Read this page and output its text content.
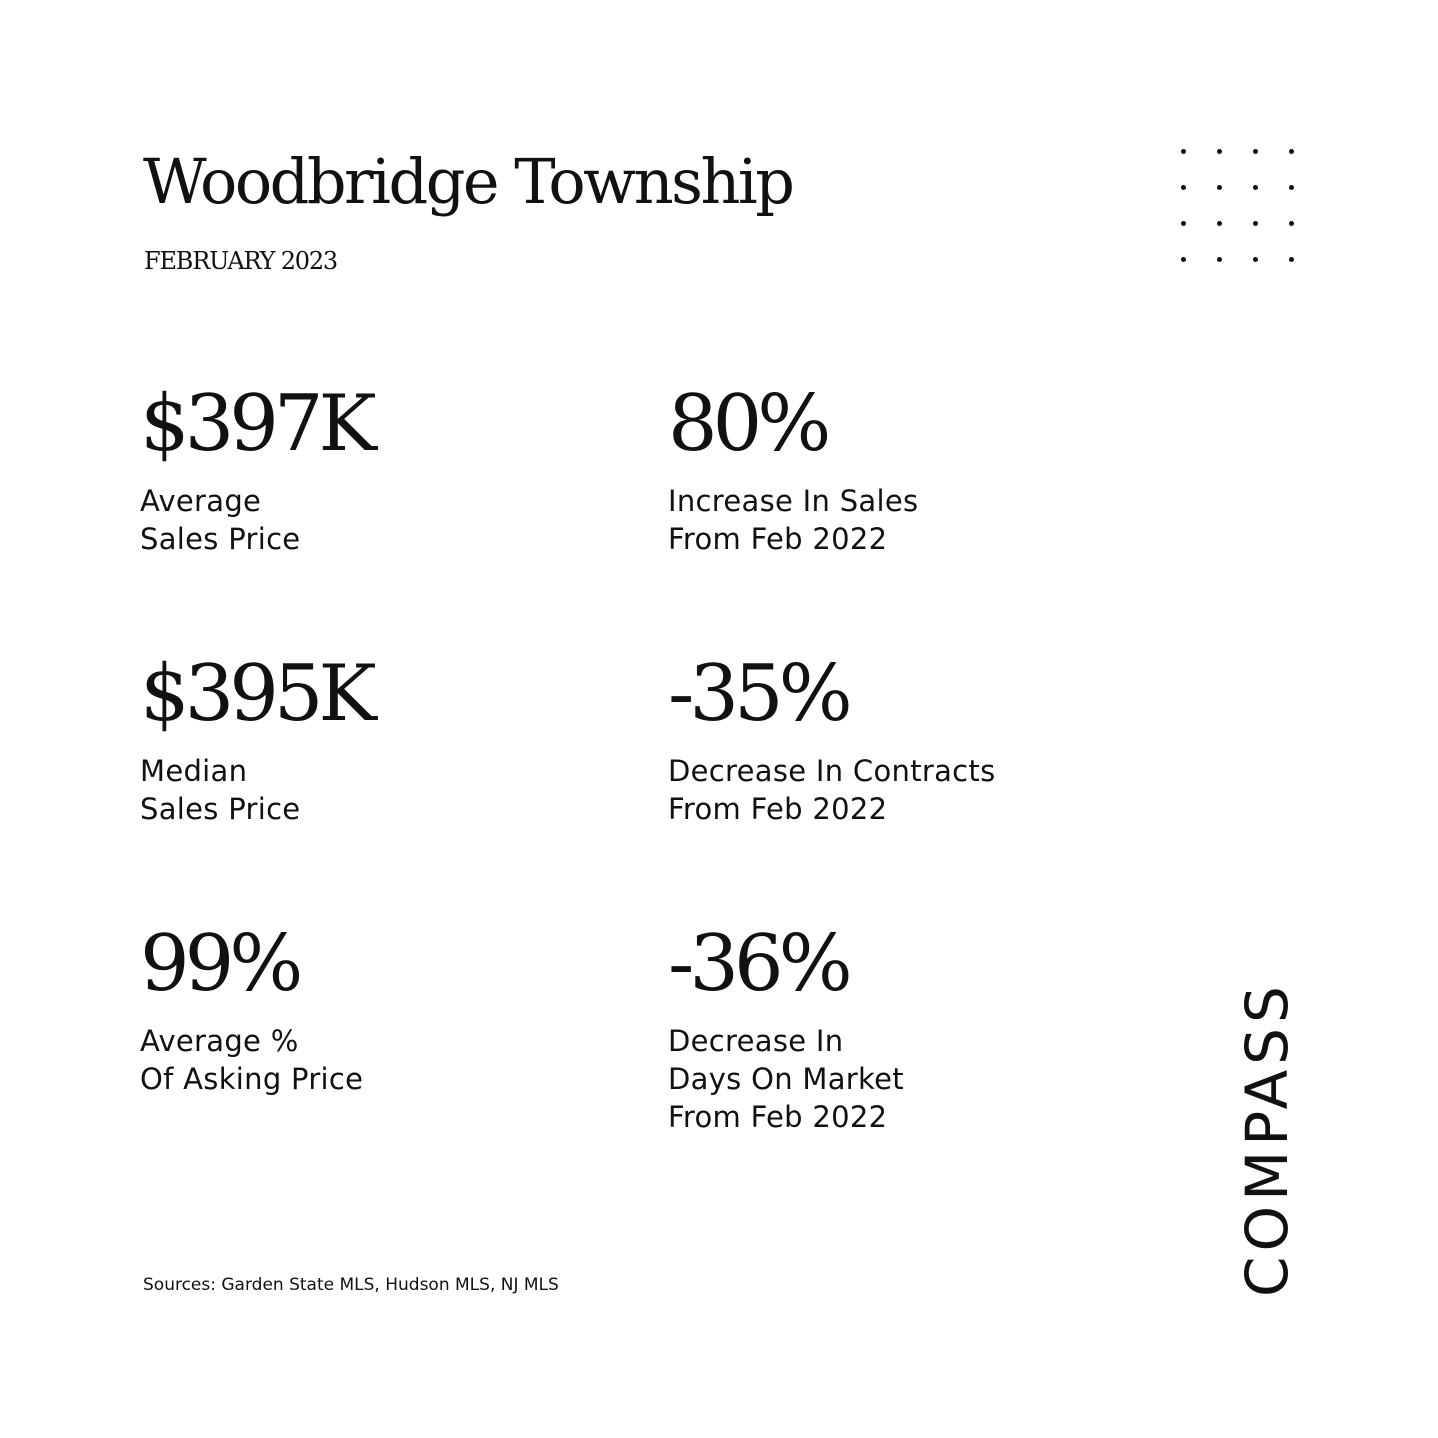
Woodbridge Township
FEBRUARY 2023
$397K
Average
Sales Price
80%
Increase In Sales
From Feb 2022
$395K
Median
Sales Price
-35%
Decrease In Contracts
From Feb 2022
99%
Average %
Of Asking Price
-36%
Decrease In
Days On Market
From Feb 2022
Sources: Garden State MLS, Hudson MLS, NJ MLS	COMPASS
